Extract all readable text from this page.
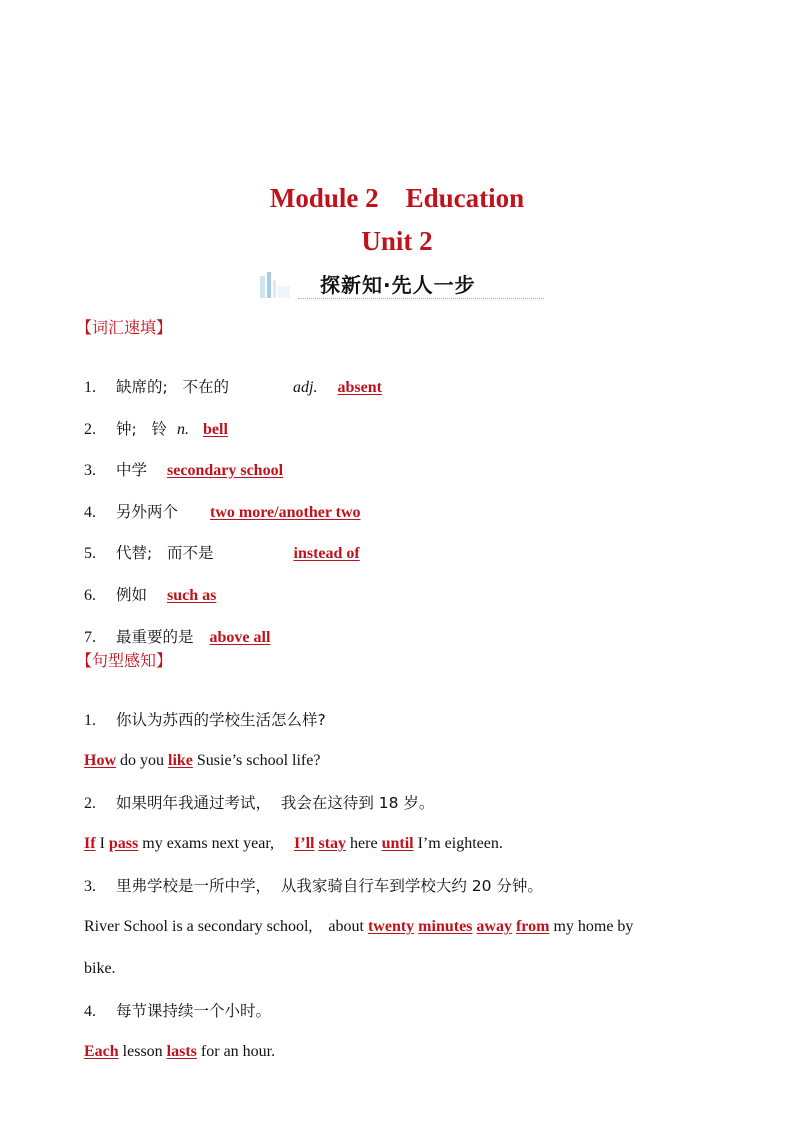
Module 2    Education
Unit 2
探新知·先人一步
【词汇速填】

1. 缺席的;   不在的	adj. absent

2. 钟;   铃 n. bell

3. 中学 secondary school

4. 另外两个 two more/another two

5. 代替;   而不是	instead of

6. 例如 such as

7. 最重要的是 above all

【句型感知】

1. 你认为苏西的学校生活怎么样?

How do you like Susie’s school life?

2. 如果明年我通过考试，  我会在这待到 18 岁。

If I pass my exams next year,     I’ll stay here until I’m eighteen.

3. 里弗学校是一所中学，  从我家骑自行车到学校大约 20 分钟。

River School is a secondary school,    about twenty minutes away from my home by

bike.

4. 每节课持续一个小时。

Each lesson lasts for an hour.
